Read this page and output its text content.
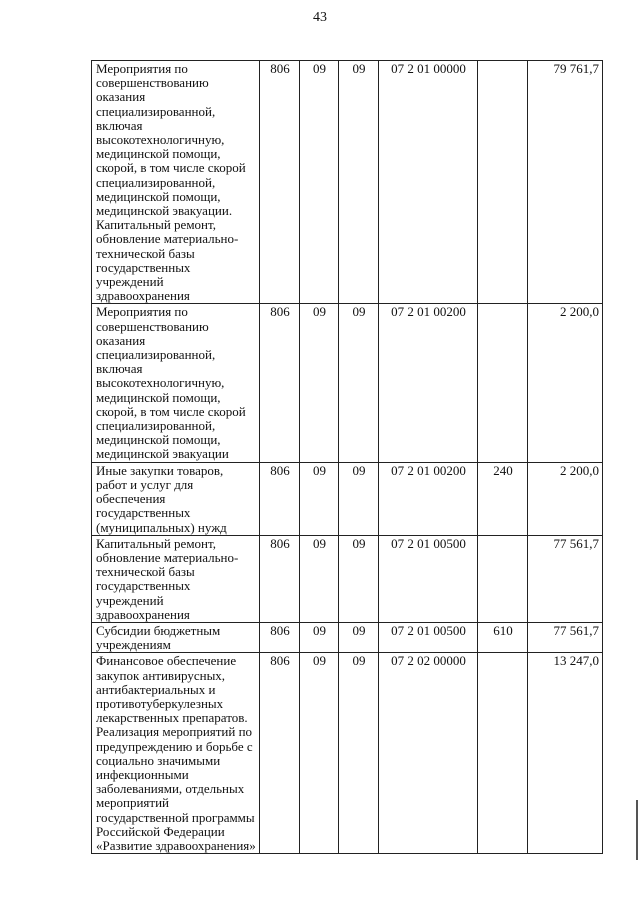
43
Мероприятия по совершенствованию оказания специализированной, включая высокотехнологичную, медицинской помощи, скорой, в том числе скорой специализированной, медицинской помощи, медицинской эвакуации. Капитальный ремонт, обновление материально-технической базы государственных учреждений здравоохранения	806	09	09	07 2 01 00000		79 761,7
Мероприятия по совершенствованию оказания специализированной, включая высокотехнологичную, медицинской помощи, скорой, в том числе скорой специализированной, медицинской помощи, медицинской эвакуации	806	09	09	07 2 01 00200		2 200,0
Иные закупки товаров, работ и услуг для обеспечения государственных (муниципальных) нужд	806	09	09	07 2 01 00200	240	2 200,0
Капитальный ремонт, обновление материально-технической базы государственных учреждений здравоохранения	806	09	09	07 2 01 00500		77 561,7
Субсидии бюджетным учреждениям	806	09	09	07 2 01 00500	610	77 561,7
Финансовое обеспечение закупок антивирусных, антибактериальных и противотуберкулезных лекарственных препаратов. Реализация мероприятий по предупреждению и борьбе с социально значимыми инфекционными заболеваниями, отдельных мероприятий государственной программы Российской Федерации «Развитие здравоохранения»	806	09	09	07 2 02 00000		13 247,0
